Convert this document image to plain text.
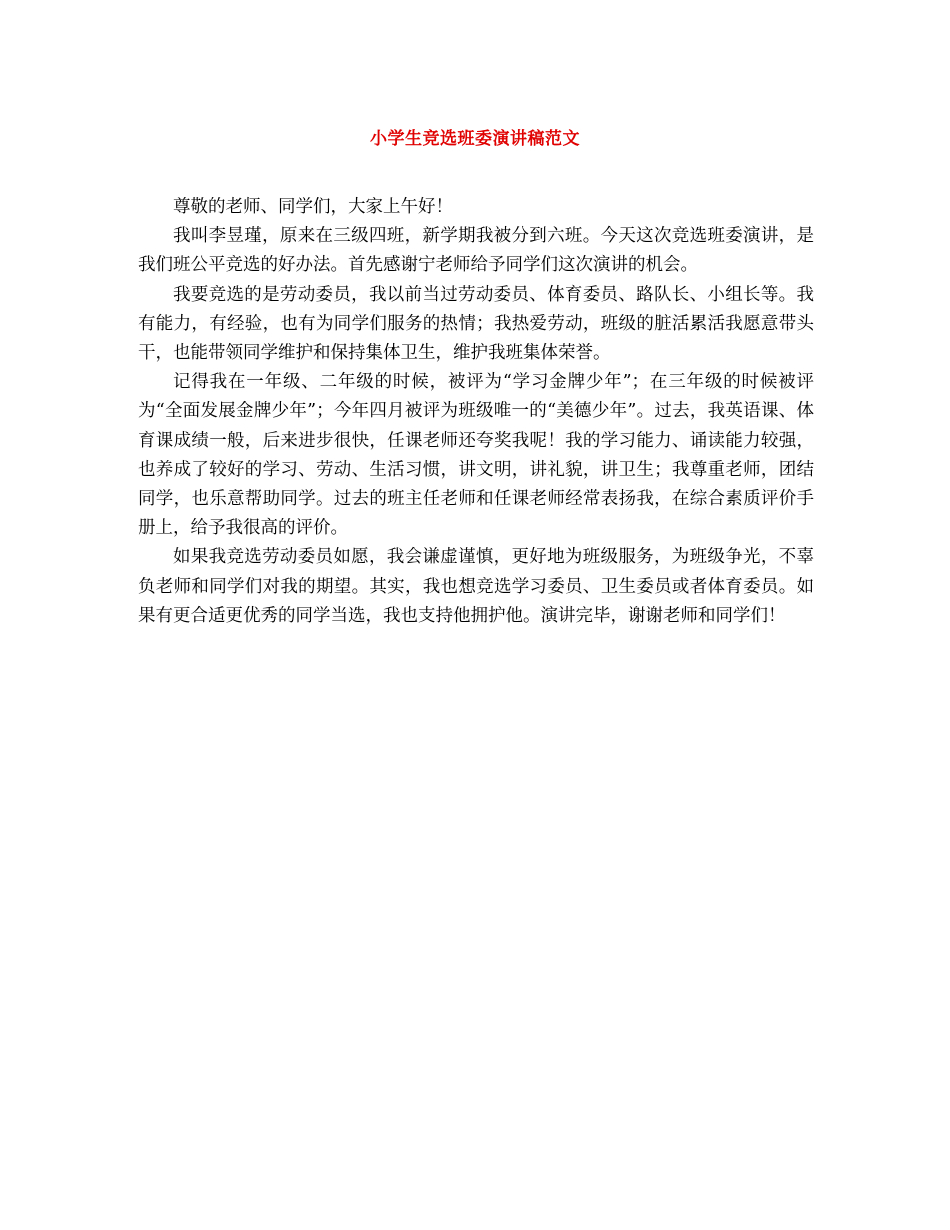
小学生竞选班委演讲稿范文

尊敬的老师、同学们，大家上午好！

我叫李昱瑾，原来在三级四班，新学期我被分到六班。今天这次竞选班委演讲，是我们班公平竞选的好办法。首先感谢宁老师给予同学们这次演讲的机会。

我要竞选的是劳动委员，我以前当过劳动委员、体育委员、路队长、小组长等。我有能力，有经验，也有为同学们服务的热情；我热爱劳动，班级的脏活累活我愿意带头干，也能带领同学维护和保持集体卫生，维护我班集体荣誉。

记得我在一年级、二年级的时候，被评为“学习金牌少年”；在三年级的时候被评为“全面发展金牌少年”；今年四月被评为班级唯一的“美德少年”。过去，我英语课、体育课成绩一般，后来进步很快，任课老师还夸奖我呢！我的学习能力、诵读能力较强，也养成了较好的学习、劳动、生活习惯，讲文明，讲礼貌，讲卫生；我尊重老师，团结同学，也乐意帮助同学。过去的班主任老师和任课老师经常表扬我，在综合素质评价手册上，给予我很高的评价。

如果我竞选劳动委员如愿，我会谦虚谨慎，更好地为班级服务，为班级争光，不辜负老师和同学们对我的期望。其实，我也想竞选学习委员、卫生委员或者体育委员。如果有更合适更优秀的同学当选，我也支持他拥护他。演讲完毕，谢谢老师和同学们！
